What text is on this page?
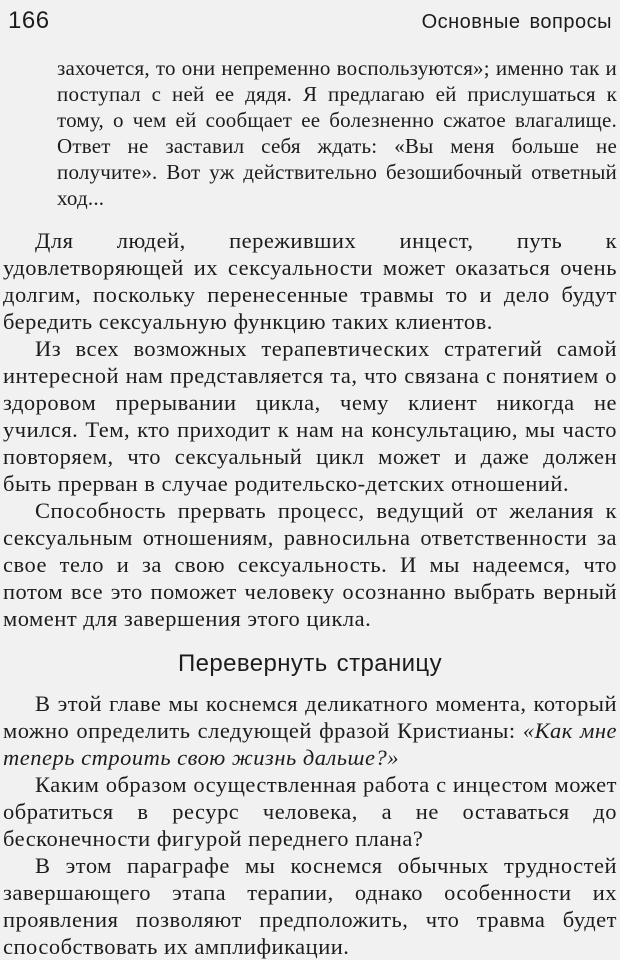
166	Основные вопросы

захочется, то они непременно воспользуются»; именно так и поступал с ней ее дядя. Я предлагаю ей прислушаться к тому, о чем ей сообщает ее болезненно сжатое влагалище. Ответ не заставил себя ждать: «Вы меня больше не получите». Вот уж действительно безошибочный ответный ход...

Для людей, переживших инцест, путь к удовлетворяющей их сексуальности может оказаться очень долгим, поскольку перенесенные травмы то и дело будут бередить сексуальную функцию таких клиентов.

Из всех возможных терапевтических стратегий самой интересной нам представляется та, что связана с понятием о здоровом прерывании цикла, чему клиент никогда не учился. Тем, кто приходит к нам на консультацию, мы часто повторяем, что сексуальный цикл может и даже должен быть прерван в случае родительско-детских отношений.

Способность прервать процесс, ведущий от желания к сексуальным отношениям, равносильна ответственности за свое тело и за свою сексуальность. И мы надеемся, что потом все это поможет человеку осознанно выбрать верный момент для завершения этого цикла.

Перевернуть страницу

В этой главе мы коснемся деликатного момента, который можно определить следующей фразой Кристианы: «Как мне теперь строить свою жизнь дальше?»

Каким образом осуществленная работа с инцестом может обратиться в ресурс человека, а не оставаться до бесконечности фигурой переднего плана?

В этом параграфе мы коснемся обычных трудностей завершающего этапа терапии, однако особенности их проявления позволяют предположить, что травма будет способствовать их амплификации.
